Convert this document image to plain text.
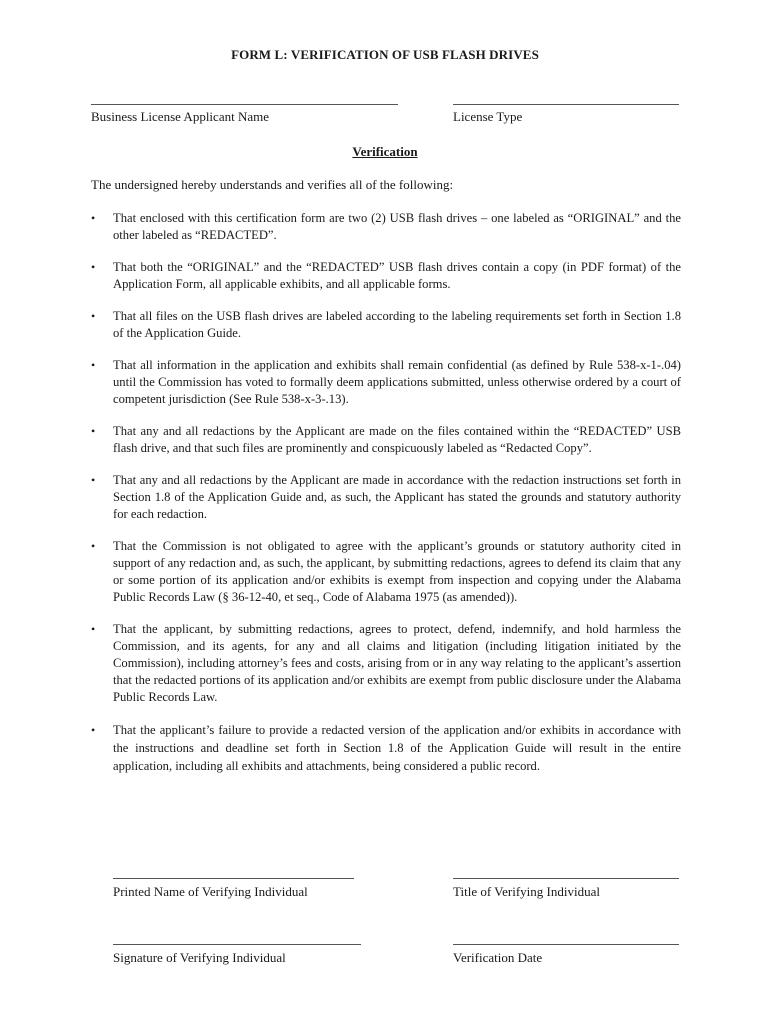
FORM L: VERIFICATION OF USB FLASH DRIVES
Business License Applicant Name	License Type
Verification
The undersigned hereby understands and verifies all of the following:
• That enclosed with this certification form are two (2) USB flash drives – one labeled as “ORIGINAL” and the other labeled as “REDACTED”.
• That both the “ORIGINAL” and the “REDACTED” USB flash drives contain a copy (in PDF format) of the Application Form, all applicable exhibits, and all applicable forms.
• That all files on the USB flash drives are labeled according to the labeling requirements set forth in Section 1.8 of the Application Guide.
• That all information in the application and exhibits shall remain confidential (as defined by Rule 538-x-1-.04) until the Commission has voted to formally deem applications submitted, unless otherwise ordered by a court of competent jurisdiction (See Rule 538-x-3-.13).
• That any and all redactions by the Applicant are made on the files contained within the “REDACTED” USB flash drive, and that such files are prominently and conspicuously labeled as “Redacted Copy”.
• That any and all redactions by the Applicant are made in accordance with the redaction instructions set forth in Section 1.8 of the Application Guide and, as such, the Applicant has stated the grounds and statutory authority for each redaction.
• That the Commission is not obligated to agree with the applicant’s grounds or statutory authority cited in support of any redaction and, as such, the applicant, by submitting redactions, agrees to defend its claim that any or some portion of its application and/or exhibits is exempt from inspection and copying under the Alabama Public Records Law (§ 36-12-40, et seq., Code of Alabama 1975 (as amended)).
• That the applicant, by submitting redactions, agrees to protect, defend, indemnify, and hold harmless the Commission, and its agents, for any and all claims and litigation (including litigation initiated by the Commission), including attorney’s fees and costs, arising from or in any way relating to the applicant’s assertion that the redacted portions of its application and/or exhibits are exempt from public disclosure under the Alabama Public Records Law.
• That the applicant’s failure to provide a redacted version of the application and/or exhibits in accordance with the instructions and deadline set forth in Section 1.8 of the Application Guide will result in the entire application, including all exhibits and attachments, being considered a public record.
Printed Name of Verifying Individual	Title of Verifying Individual
Signature of Verifying Individual	Verification Date
